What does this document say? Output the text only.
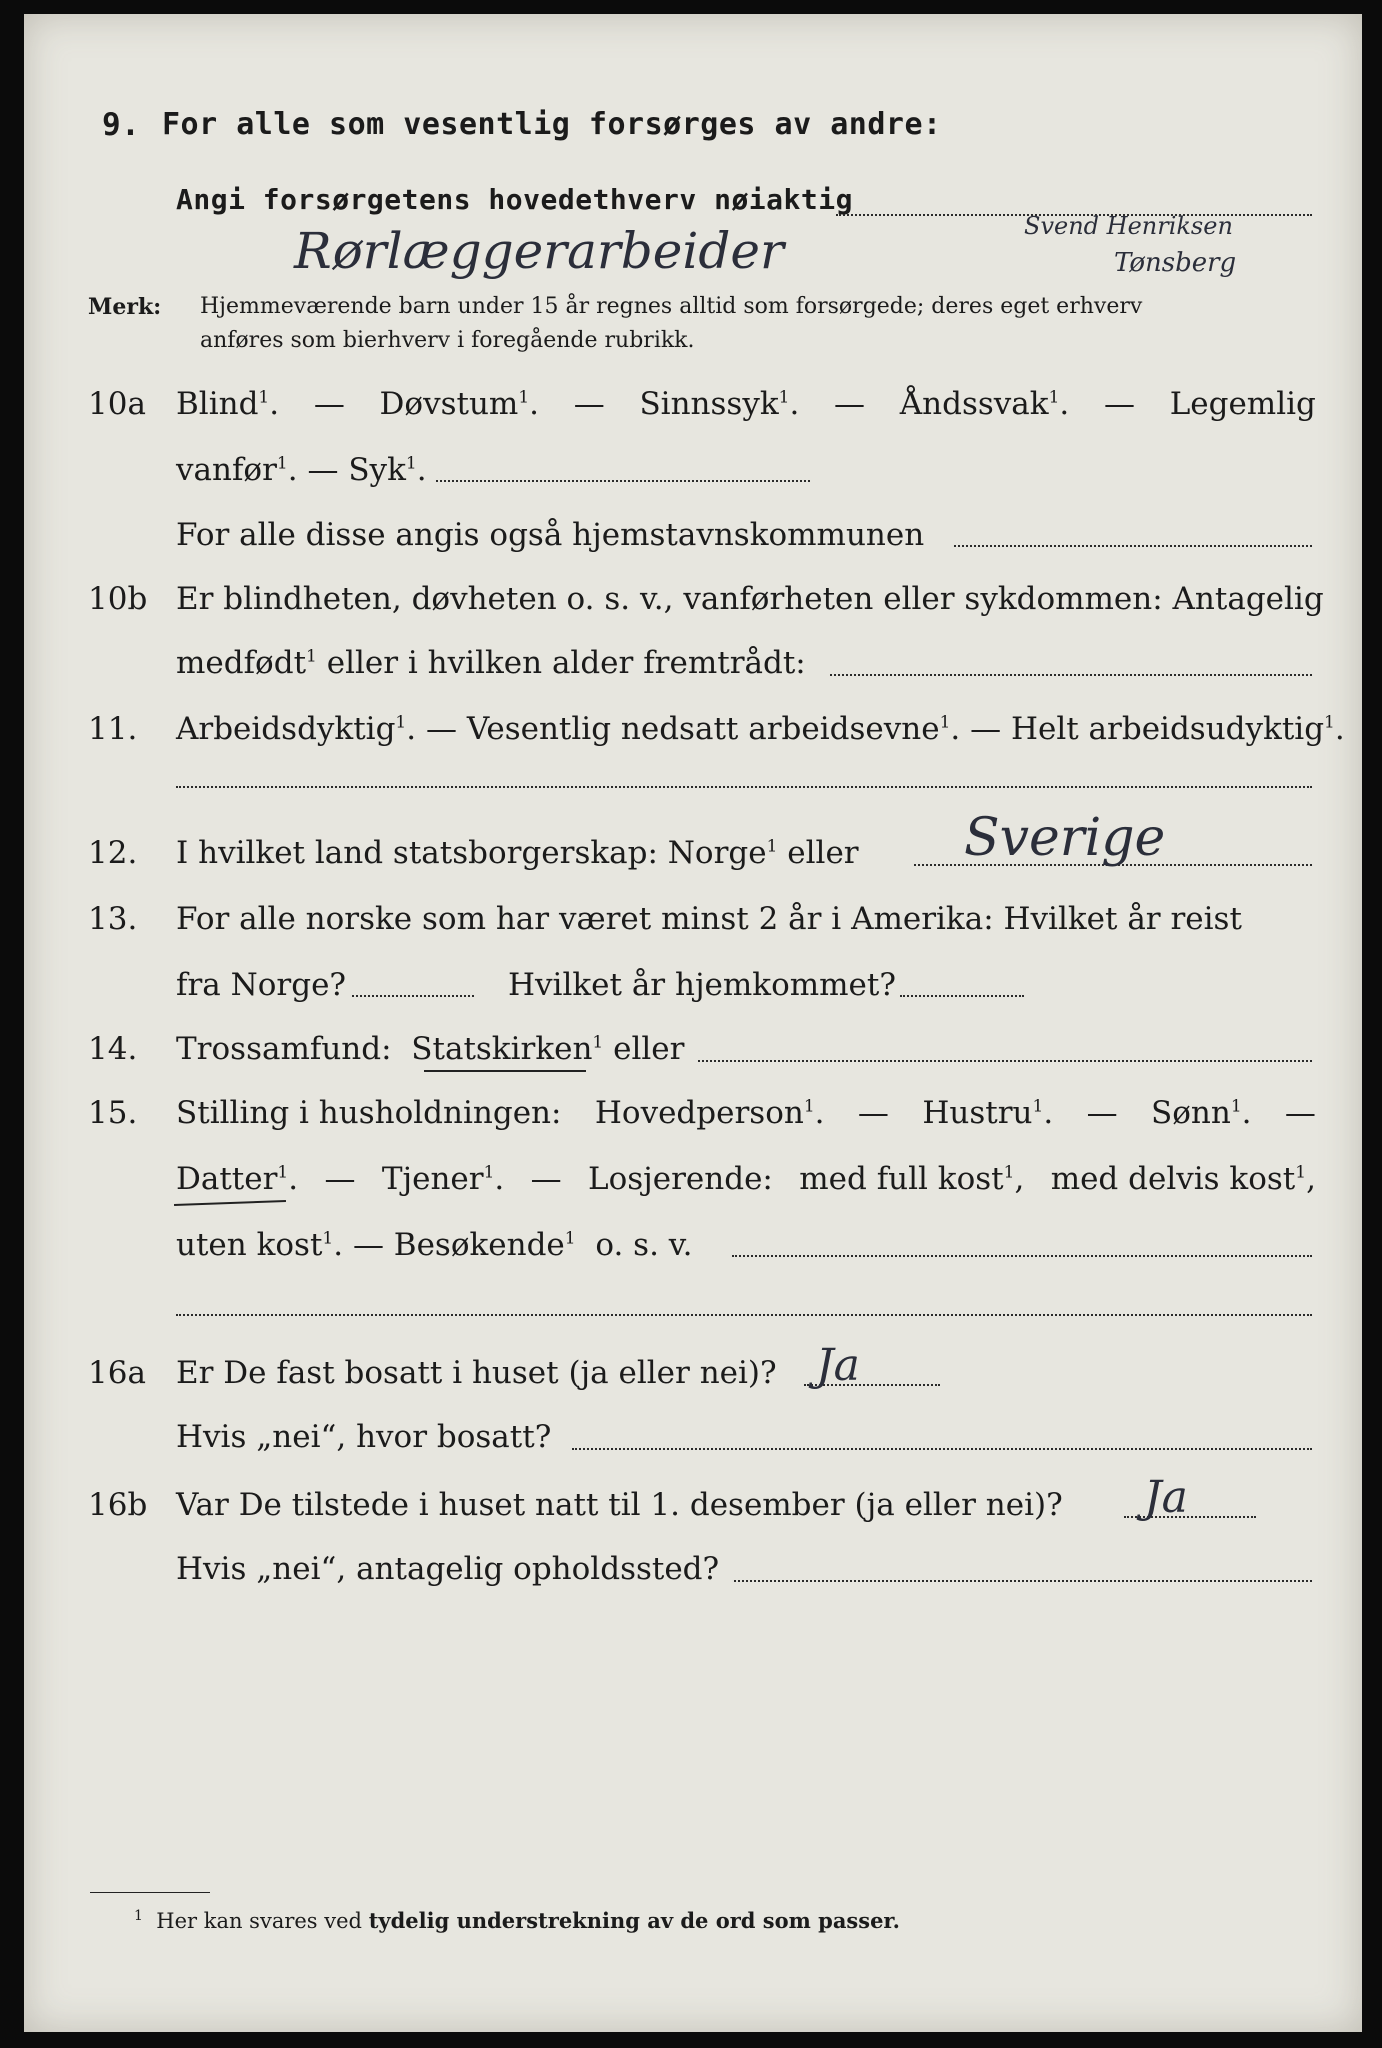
9. For alle som vesentlig forsørges av andre:
Angi forsørgetens hovedethverv nøiaktig
Rørlæggerarbeider	Svend Henriksen
Tønsberg
Merk: Hjemmeværende barn under 15 år regnes alltid som forsørgede; deres eget erhverv
anføres som bierhverv i foregående rubrikk.
10a Blind$^1$. — Døvstum$^1$. — Sinnssyk$^1$. — Åndssvak$^1$. — Legemlig
vanfør$^1$. — Syk$^1$.
For alle disse angis også hjemstavnskommunen
10b Er blindheten, døvheten o. s. v., vanførheten eller sykdommen: Antagelig
medfødt$^1$ eller i hvilken alder fremtrådt:
11. Arbeidsdyktig$^1$. — Vesentlig nedsatt arbeidsevne$^1$. — Helt arbeidsudyktig$^1$.
12. I hvilket land statsborgerskap: Norge$^1$ eller Sverige
13. For alle norske som har været minst 2 år i Amerika: Hvilket år reist
fra Norge?	Hvilket år hjemkommet?
14. Trossamfund: Statskirken$^1$ eller
15. Stilling i husholdningen: Hovedperson$^1$. — Hustru$^1$. — Sønn$^1$. —
Datter$^1$. — Tjener$^1$. — Losjerende: med full kost$^1$, med delvis kost$^1$,
uten kost$^1$. — Besøkende$^1$ o. s. v.
16a Er De fast bosatt i huset (ja eller nei)? Ja
Hvis „nei“, hvor bosatt?
16b Var De tilstede i huset natt til 1. desember (ja eller nei)? Ja
Hvis „nei“, antagelig opholdssted?
$^1$ Her kan svares ved tydelig understrekning av de ord som passer.
